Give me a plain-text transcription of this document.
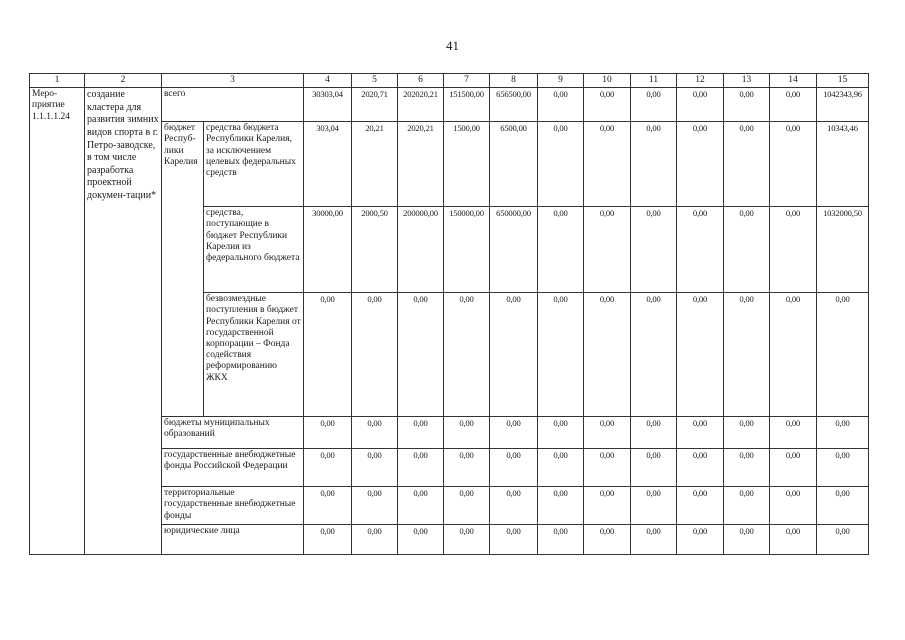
41
1	2	3		4	5	6	7	8	9	10	11	12	13	14	15
Меро-приятие 1.1.1.1.24	создание кластера для развития зимних видов спорта в г. Петро-заводске, в том числе разработка проектной докумен-тации*	всего		30303,04	2020,71	202020,21	151500,00	656500,00	0,00	0,00	0,00	0,00	0,00	0,00	1042343,96
		бюджет Респуб-лики Карелия	средства бюджета Республики Карелия, за исключением целевых федеральных средств	303,04	20,21	2020,21	1500,00	6500,00	0,00	0,00	0,00	0,00	0,00	0,00	10343,46
			средства, поступающие в бюджет Республики Карелия из федерального бюджета	30000,00	2000,50	200000,00	150000,00	650000,00	0,00	0,00	0,00	0,00	0,00	0,00	1032000,50
			безвозмездные поступления в бюджет Республики Карелия от государственной корпорации – Фонда содействия реформированию ЖКХ	0,00	0,00	0,00	0,00	0,00	0,00	0,00	0,00	0,00	0,00	0,00	0,00
		бюджеты муниципальных образований		0,00	0,00	0,00	0,00	0,00	0,00	0,00	0,00	0,00	0,00	0,00	0,00
		государственные внебюджетные фонды Российской Федерации		0,00	0,00	0,00	0,00	0,00	0,00	0,00	0,00	0,00	0,00	0,00	0,00
		территориальные государственные внебюджетные фонды		0,00	0,00	0,00	0,00	0,00	0,00	0,00	0,00	0,00	0,00	0,00	0,00
		юридические лица		0,00	0,00	0,00	0,00	0,00	0,00	0,00	0,00	0,00	0,00	0,00	0,00
